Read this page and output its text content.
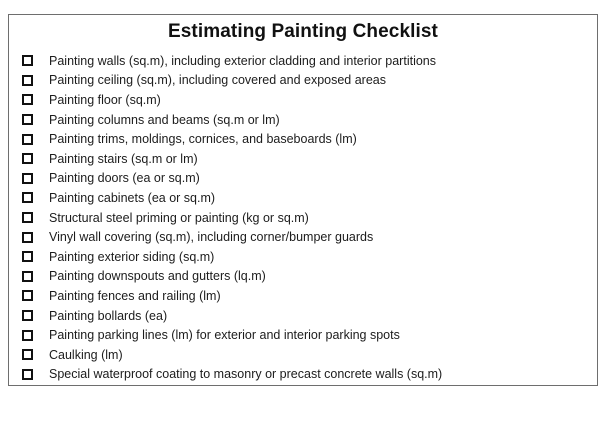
Estimating Painting Checklist
Painting walls (sq.m), including exterior cladding and interior partitions
Painting ceiling (sq.m), including covered and exposed areas
Painting floor (sq.m)
Painting columns and beams (sq.m or lm)
Painting trims, moldings, cornices, and baseboards (lm)
Painting stairs (sq.m or lm)
Painting doors (ea or sq.m)
Painting cabinets (ea or sq.m)
Structural steel priming or painting (kg or sq.m)
Vinyl wall covering (sq.m), including corner/bumper guards
Painting exterior siding (sq.m)
Painting downspouts and gutters (lq.m)
Painting fences and railing (lm)
Painting bollards (ea)
Painting parking lines (lm) for exterior and interior parking spots
Caulking (lm)
Special waterproof coating to masonry or precast concrete walls (sq.m)
